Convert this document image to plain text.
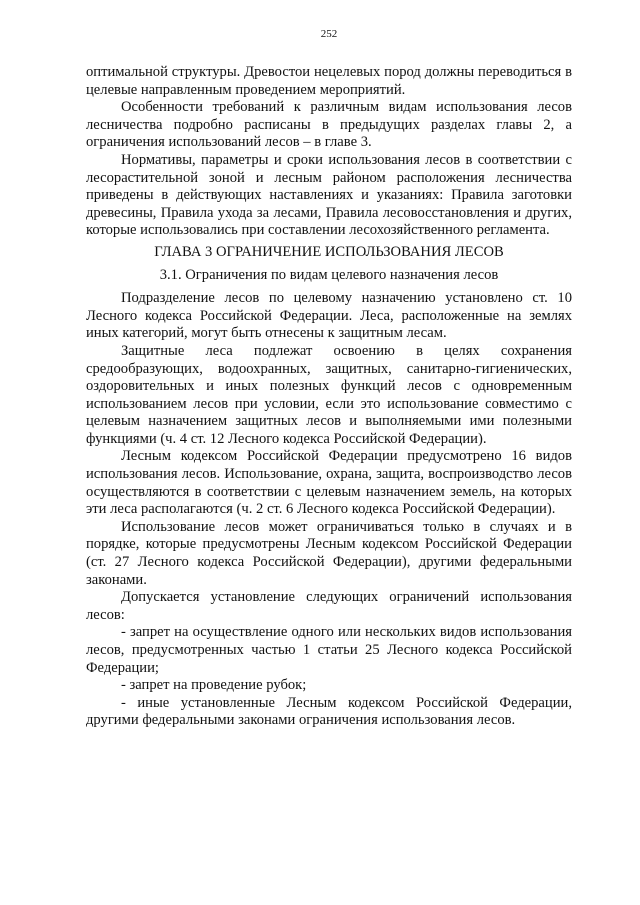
252

оптимальной структуры. Древостои нецелевых пород должны переводиться в целевые направленным проведением мероприятий.

Особенности требований к различным видам использования лесов лесничества подробно расписаны в предыдущих разделах главы 2, а ограничения использований лесов – в главе 3.

Нормативы, параметры и сроки использования лесов в соответствии с лесорастительной зоной и лесным районом расположения лесничества приведены в действующих наставлениях и указаниях: Правила заготовки древесины, Правила ухода за лесами, Правила лесовосстановления и других, которые использовались при составлении лесохозяйственного регламента.

ГЛАВА 3 ОГРАНИЧЕНИЕ ИСПОЛЬЗОВАНИЯ ЛЕСОВ
3.1. Ограничения по видам целевого назначения лесов

Подразделение лесов по целевому назначению установлено ст. 10 Лесного кодекса Российской Федерации. Леса, расположенные на землях иных категорий, могут быть отнесены к защитным лесам.

Защитные леса подлежат освоению в целях сохранения средообразующих, водоохранных, защитных, санитарно-гигиенических, оздоровительных и иных полезных функций лесов с одновременным использованием лесов при условии, если это использование совместимо с целевым назначением защитных лесов и выполняемыми ими полезными функциями (ч. 4 ст. 12 Лесного кодекса Российской Федерации).

Лесным кодексом Российской Федерации предусмотрено 16 видов использования лесов. Использование, охрана, защита, воспроизводство лесов осуществляются в соответствии с целевым назначением земель, на которых эти леса располагаются (ч. 2 ст. 6 Лесного кодекса Российской Федерации).

Использование лесов может ограничиваться только в случаях и в порядке, которые предусмотрены Лесным кодексом Российской Федерации (ст. 27 Лесного кодекса Российской Федерации), другими федеральными законами.

Допускается установление следующих ограничений использования лесов:

- запрет на осуществление одного или нескольких видов использования лесов, предусмотренных частью 1 статьи 25 Лесного кодекса Российской Федерации;

- запрет на проведение рубок;

- иные установленные Лесным кодексом Российской Федерации, другими федеральными законами ограничения использования лесов.
